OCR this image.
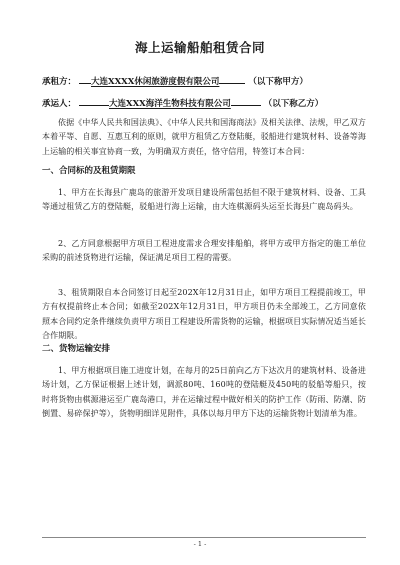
海上运输船舶租赁合同
承租方： 大连XXXX休闲旅游度假有限公司	（以下称甲方）
承运人：	大连XXX海洋生物科技有限公司	（以下称乙方）
依据《中华人民共和国法典》、《中华人民共和国海商法》及相关法律、法规，甲乙双方本着平等、自愿、互惠互利的原则，就甲方租赁乙方登陆艇，驳船进行建筑材料、设备等海上运输的相关事宜协商一致，为明确双方责任，恪守信用，特签订本合同：
一、合同标的及租赁期限
1、甲方在长海县广鹿岛的旅游开发项目建设所需包括但不限于建筑材料、设备、工具等通过租赁乙方的登陆艇，驳船进行海上运输，由大连棋源码头运至长海县广鹿岛码头。
2、乙方同意根据甲方项目工程进度需求合理安排船舶，将甲方或甲方指定的施工单位采购的前述货物进行运输，保证满足项目工程的需要。
3、租赁期限自本合同签订日起至202X年12月31日止，如甲方项目工程提前竣工，甲方有权提前终止本合同；如截至202X年12月31日，甲方项目仍未全部竣工，乙方同意依照本合同约定条件继续负责甲方项目工程建设所需货物的运输，根据项目实际情况适当延长合作期限。
二、货物运输安排
1、甲方根据项目施工进度计划，在每月的25日前向乙方下达次月的建筑材料、设备进场计划，乙方保证根据上述计划，调派80吨、160吨的登陆艇及450吨的驳船等船只，按时将货物由棋源港运至广鹿岛港口，并在运输过程中做好相关的防护工作（防雨、防潮、防倒置、易碎保护等），货物明细详见附件，具体以每月甲方下达的运输货物计划清单为准。
- 1 -
